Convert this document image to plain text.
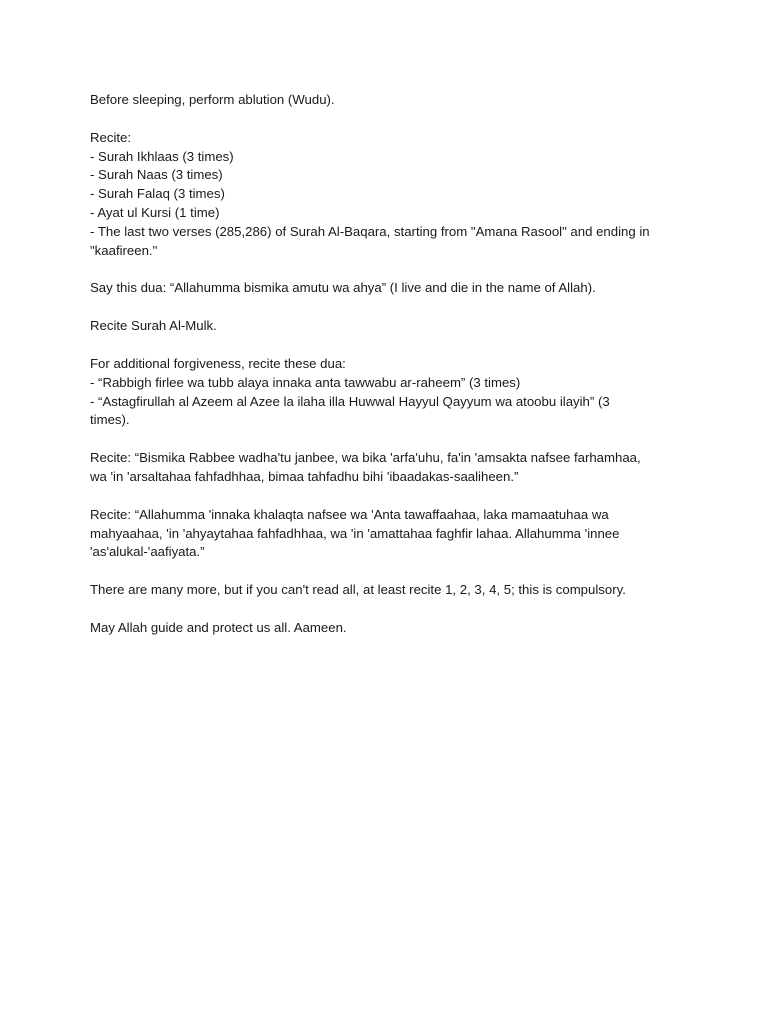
Before sleeping, perform ablution (Wudu).
Recite:
- Surah Ikhlaas (3 times)
- Surah Naas (3 times)
- Surah Falaq (3 times)
- Ayat ul Kursi (1 time)
- The last two verses (285,286) of Surah Al-Baqara, starting from "Amana Rasool" and ending in
"kaafireen."
Say this dua: “Allahumma bismika amutu wa ahya” (I live and die in the name of Allah).
Recite Surah Al-Mulk.
For additional forgiveness, recite these dua:
- “Rabbigh firlee wa tubb alaya innaka anta tawwabu ar-raheem” (3 times)
- “Astagfirullah al Azeem al Azee la ilaha illa Huwwal Hayyul Qayyum wa atoobu ilayih” (3
times).
Recite: “Bismika Rabbee wadha'tu janbee, wa bika 'arfa'uhu, fa'in 'amsakta nafsee farhamhaa,
wa 'in 'arsaltahaa fahfadhhaa, bimaa tahfadhu bihi 'ibaadakas-saaliheen.”
Recite: “Allahumma 'innaka khalaqta nafsee wa 'Anta tawaffaahaa, laka mamaatuhaa wa
mahyaahaa, 'in 'ahyaytahaa fahfadhhaa, wa 'in 'amattahaa faghfir lahaa. Allahumma 'innee
'as'alukal-'aafiyata.”
There are many more, but if you can't read all, at least recite 1, 2, 3, 4, 5; this is compulsory.
May Allah guide and protect us all. Aameen.
